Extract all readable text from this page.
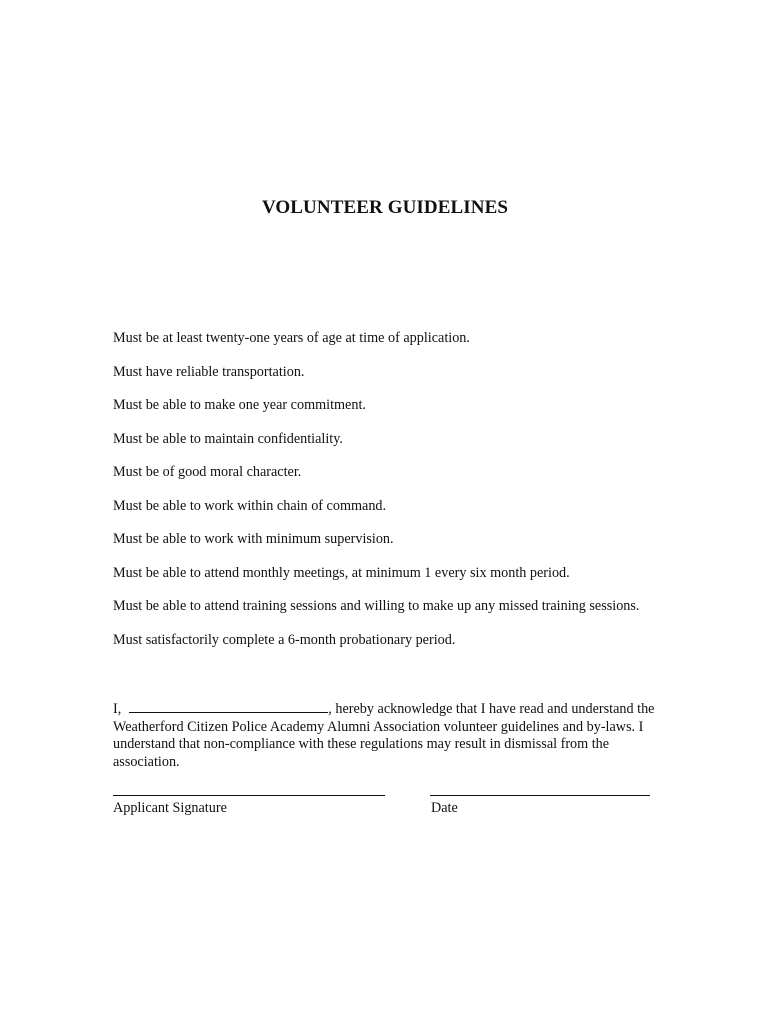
VOLUNTEER GUIDELINES
Must be at least twenty-one years of age at time of application.
Must have reliable transportation.
Must be able to make one year commitment.
Must be able to maintain confidentiality.
Must be of good moral character.
Must be able to work within chain of command.
Must be able to work with minimum supervision.
Must be able to attend monthly meetings, at minimum 1 every six month period.
Must be able to attend training sessions and willing to make up any missed training sessions.
Must satisfactorily complete a 6-month probationary period.

I,	, hereby acknowledge that I have read and understand the Weatherford Citizen Police Academy Alumni Association volunteer guidelines and by-laws. I understand that non-compliance with these regulations may result in dismissal from the association.

Applicant Signature	Date
